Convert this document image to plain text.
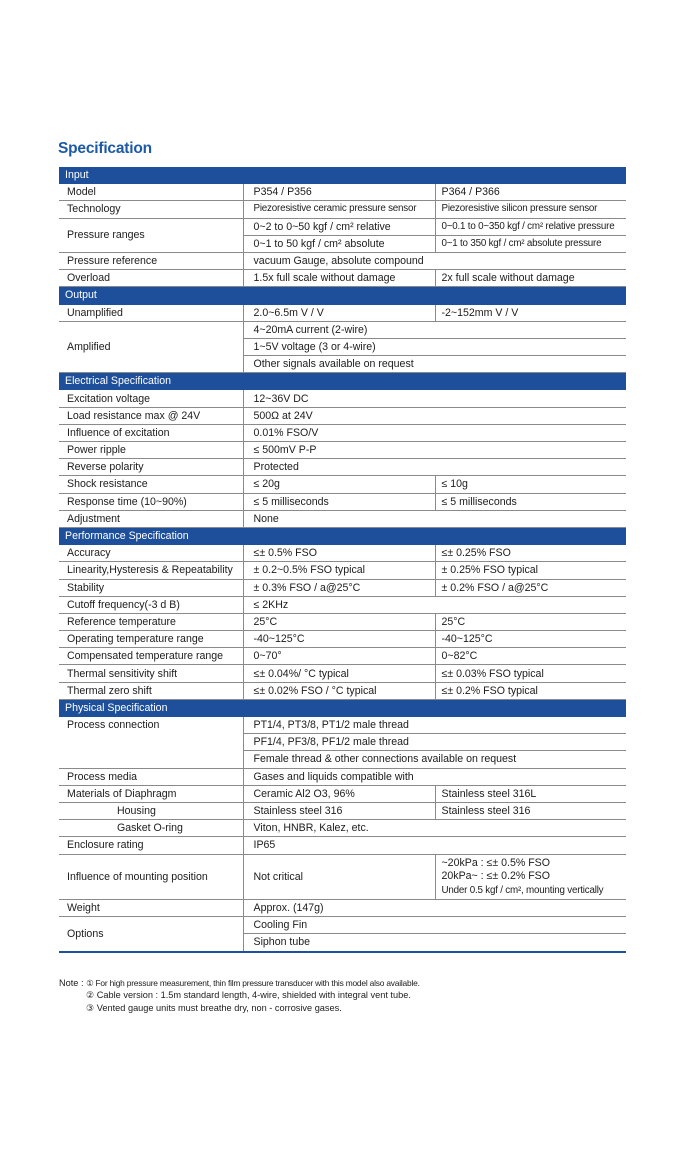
Specification
Input		
Model	P354 / P356	P364 / P366
Technology	Piezoresistive ceramic pressure sensor	Piezoresistive silicon pressure sensor
Pressure ranges	0~2 to 0~50 kgf / cm² relative	0~0.1 to 0~350 kgf / cm² relative pressure
	0~1 to 50 kgf / cm² absolute	0~1 to 350 kgf / cm² absolute pressure
Pressure reference	vacuum Gauge, absolute compound	
Overload	1.5x full scale without damage	2x full scale without damage
Output		
Unamplified	2.0~6.5m V / V	-2~152mm V / V
Amplified	4~20mA current (2-wire)	
	1~5V voltage (3 or 4-wire)	
	Other signals available on request	
Electrical Specification		
Excitation voltage	12~36V DC	
Load resistance max @ 24V	500Ω at 24V	
Influence of excitation	0.01% FSO/V	
Power ripple	≤ 500mV P-P	
Reverse polarity	Protected	
Shock resistance	≤ 20g	≤ 10g
Response time (10~90%)	≤ 5 milliseconds	≤ 5 milliseconds
Adjustment	None	
Performance Specification		
Accuracy	≤± 0.5% FSO	≤± 0.25% FSO
Linearity,Hysteresis & Repeatability	± 0.2~0.5% FSO typical	± 0.25% FSO typical
Stability	± 0.3% FSO / a@25°C	± 0.2% FSO / a@25°C
Cutoff frequency(-3 d B)	≤ 2KHz	
Reference temperature	25°C	25°C
Operating temperature range	-40~125°C	-40~125°C
Compensated temperature range	0~70°	0~82°C
Thermal sensitivity shift	≤± 0.04%/ °C typical	≤± 0.03% FSO typical
Thermal zero shift	≤± 0.02% FSO / °C typical	≤± 0.2% FSO typical
Physical Specification		
Process connection	PT1/4, PT3/8, PT1/2 male thread	
	PF1/4, PF3/8, PF1/2 male thread	
	Female thread & other connections available on request	
Process media	Gases and liquids compatible with	
Materials of Diaphragm	Ceramic Al2 O3, 96%	Stainless steel 316L
Housing	Stainless steel 316	Stainless steel 316
Gasket O-ring	Viton, HNBR, Kalez, etc.	
Enclosure rating	IP65	
Influence of mounting position	Not critical	~20kPa : ≤± 0.5% FSO
20kPa~ : ≤± 0.2% FSO
Under 0.5 kgf / cm², mounting vertically

Weight	Approx. (147g)	
Options	Cooling Fin	
	Siphon tube	
Note : ① For high pressure measurement, thin film pressure transducer with this model also available.
② Cable version : 1.5m standard length, 4-wire, shielded with integral vent tube.
③ Vented gauge units must breathe dry, non - corrosive gases.
